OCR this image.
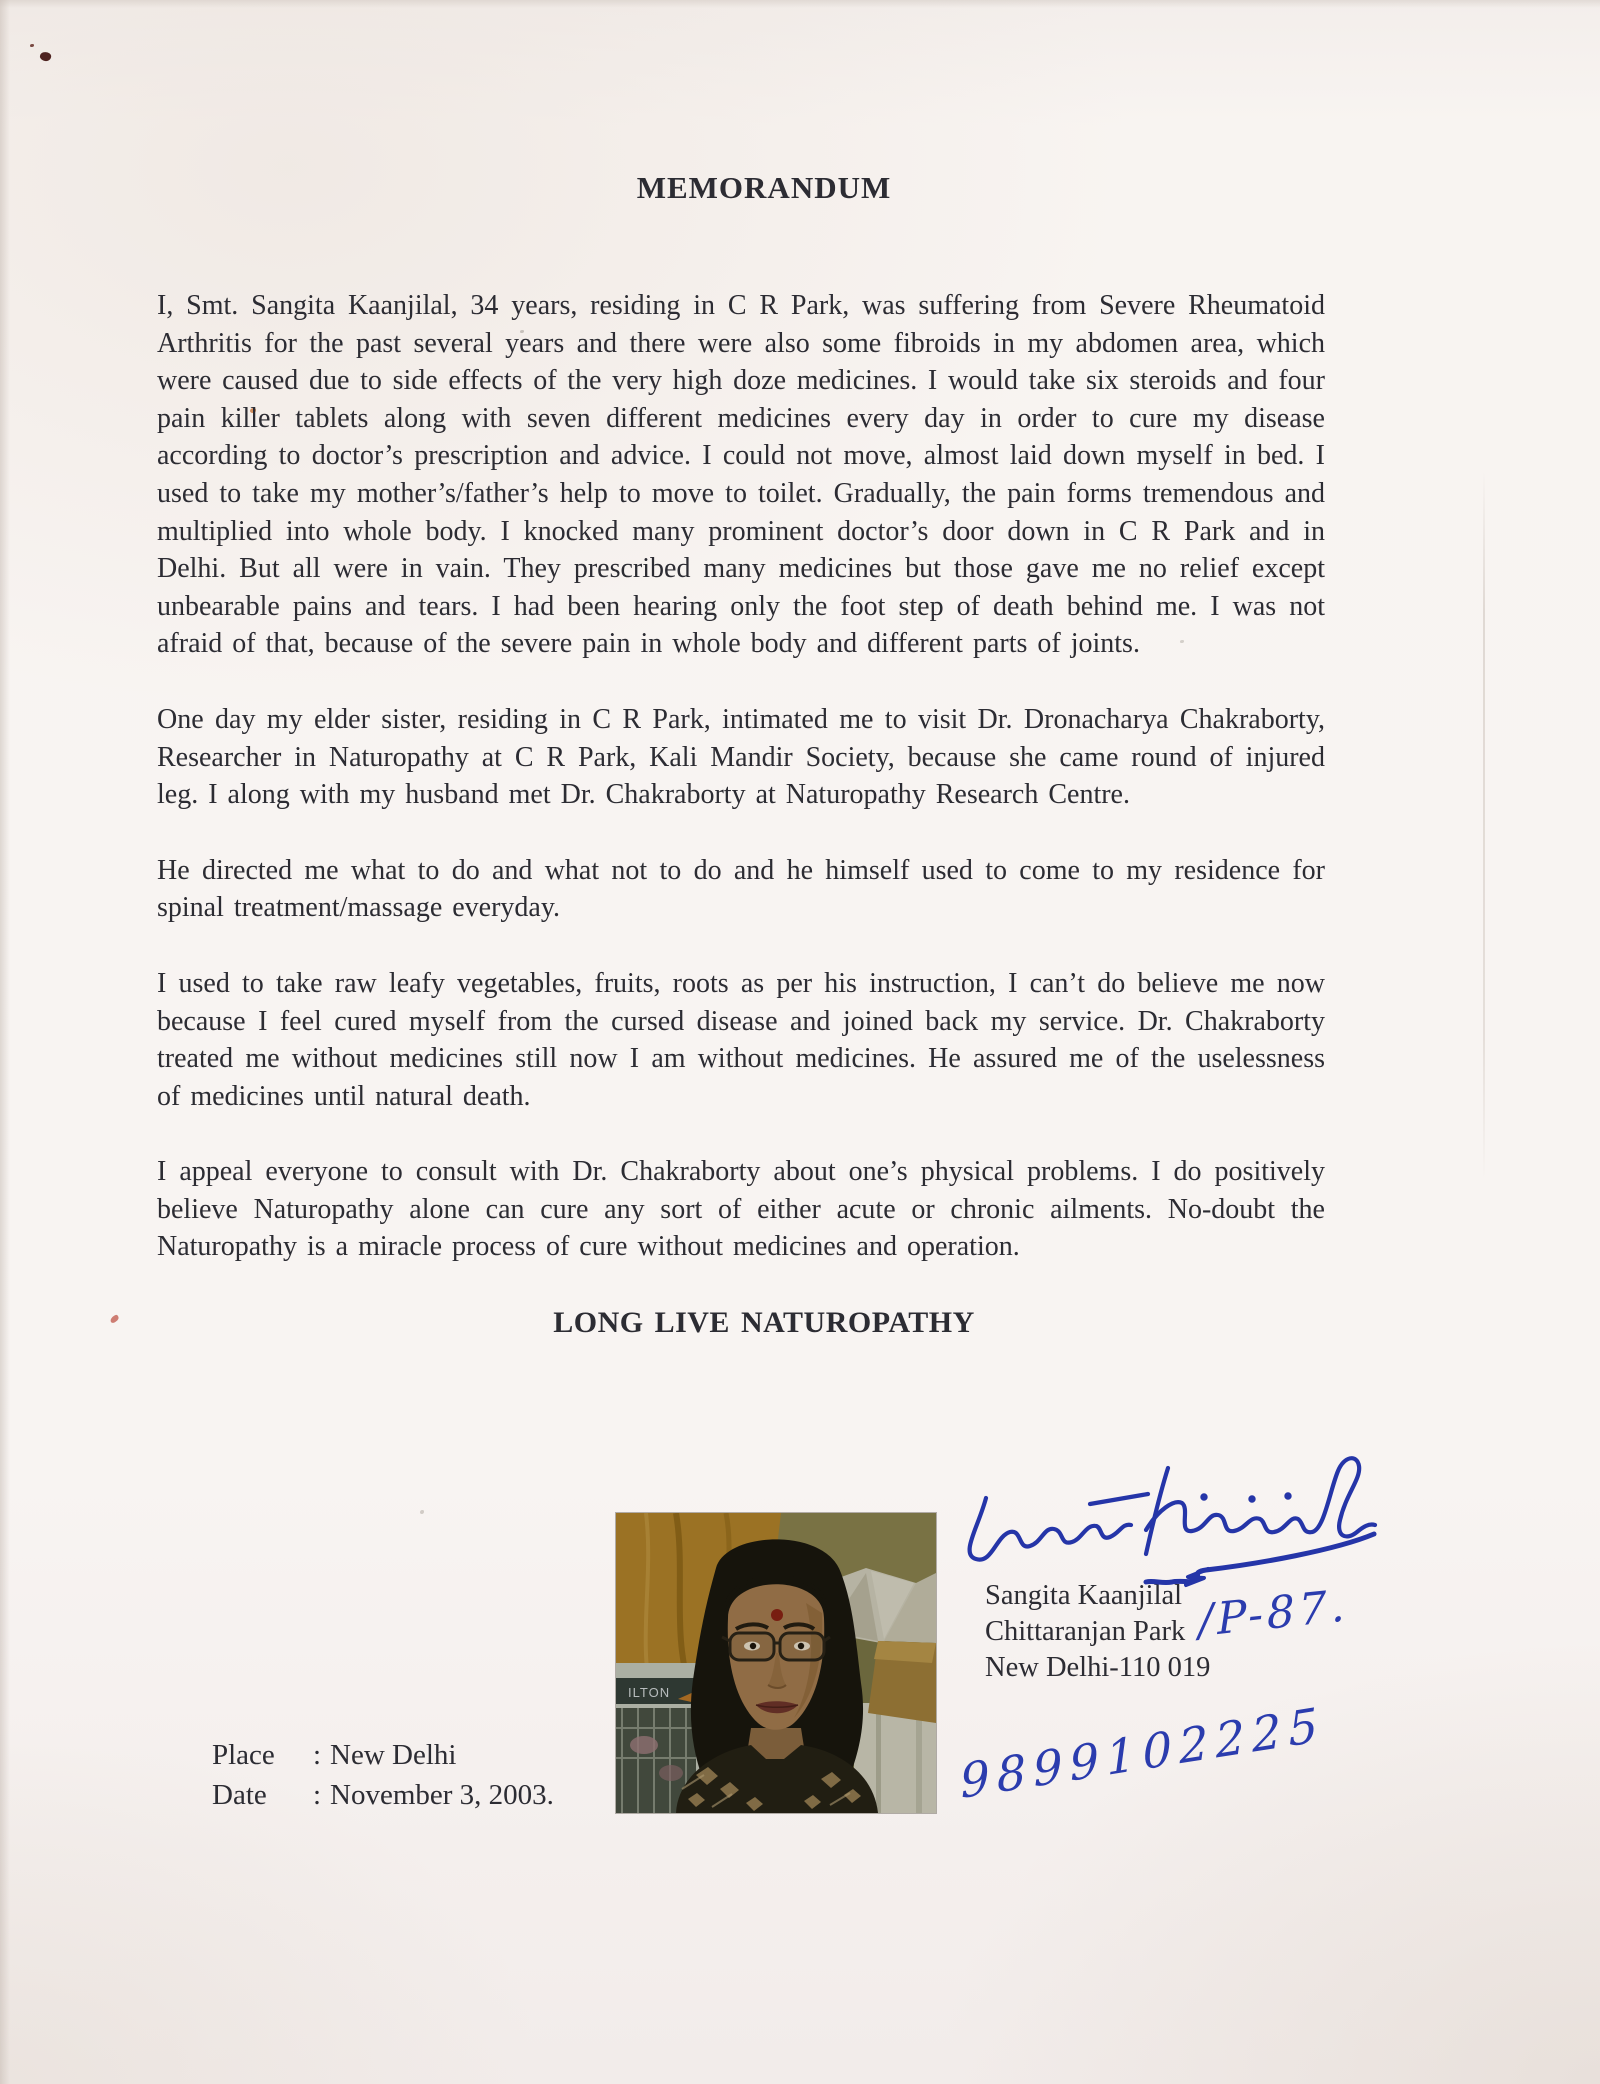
MEMORANDUM

I, Smt. Sangita Kaanjilal, 34 years, residing in C R Park, was suffering from Severe Rheumatoid Arthritis for the past several years and there were also some fibroids in my abdomen area, which were caused due to side effects of the very high doze medicines. I would take six steroids and four pain killer tablets along with seven different medicines every day in order to cure my disease according to doctor’s prescription and advice. I could not move, almost laid down myself in bed. I used to take my mother’s/father’s help to move to toilet. Gradually, the pain forms tremendous and multiplied into whole body. I knocked many prominent doctor’s door down in C R Park and in Delhi. But all were in vain. They prescribed many medicines but those gave me no relief except unbearable pains and tears. I had been hearing only the foot step of death behind me. I was not afraid of that, because of the severe pain in whole body and different parts of joints.

One day my elder sister, residing in C R Park, intimated me to visit Dr. Dronacharya Chakraborty, Researcher in Naturopathy at C R Park, Kali Mandir Society, because she came round of injured leg. I along with my husband met Dr. Chakraborty at Naturopathy Research Centre.

He directed me what to do and what not to do and he himself used to come to my residence for spinal treatment/massage everyday.

I used to take raw leafy vegetables, fruits, roots as per his instruction, I can’t do believe me now because I feel cured myself from the cursed disease and joined back my service. Dr. Chakraborty treated me without medicines still now I am without medicines. He assured me of the uselessness of medicines until natural death.

I appeal everyone to consult with Dr. Chakraborty about one’s physical problems. I do positively believe Naturopathy alone can cure any sort of either acute or chronic ailments. No-doubt the Naturopathy is a miracle process of cure without medicines and operation.

LONG LIVE NATUROPATHY
Sangita Kaanjilal
Chittaranjan Park
New Delhi-110 019
/P-87.
9899102225
Place	: New Delhi
Date	: November 3, 2003.
